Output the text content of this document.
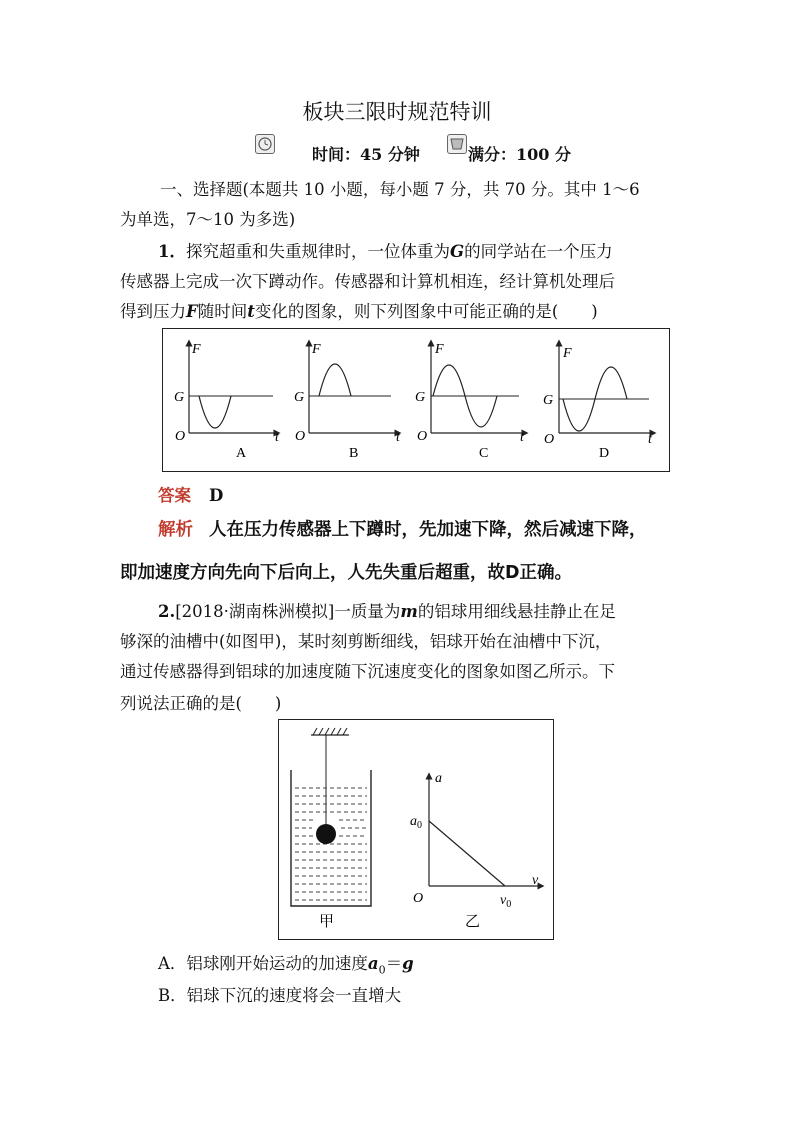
板块三限时规范特训
时间：45 分钟	满分：100 分
一、选择题(本题共 10 小题，每小题 7 分，共 70 分。其中 1～6
为单选，7～10 为多选)
1．探究超重和失重规律时，一位体重为G的同学站在一个压力
传感器上完成一次下蹲动作。传感器和计算机相连，经计算机处理后
得到压力F随时间t变化的图象，则下列图象中可能正确的是(　　)
F
G
O	t
A
F
G
O	t
B
F
G
O	t
C
F
G
O	t
D
答案 D
解析 人在压力传感器上下蹲时，先加速下降，然后减速下降，
即加速度方向先向下后向上，人先失重后超重，故D正确。
2.[2018·湖南株洲模拟]一质量为m的铝球用细线悬挂静止在足
够深的油槽中(如图甲)，某时刻剪断细线，铝球开始在油槽中下沉，
通过传感器得到铝球的加速度随下沉速度变化的图象如图乙所示。下
列说法正确的是(　　)
甲
a
v
O
$a_0$
$v_0$
乙
A．铝球刚开始运动的加速度$a_0=g$
B．铝球下沉的速度将会一直增大
